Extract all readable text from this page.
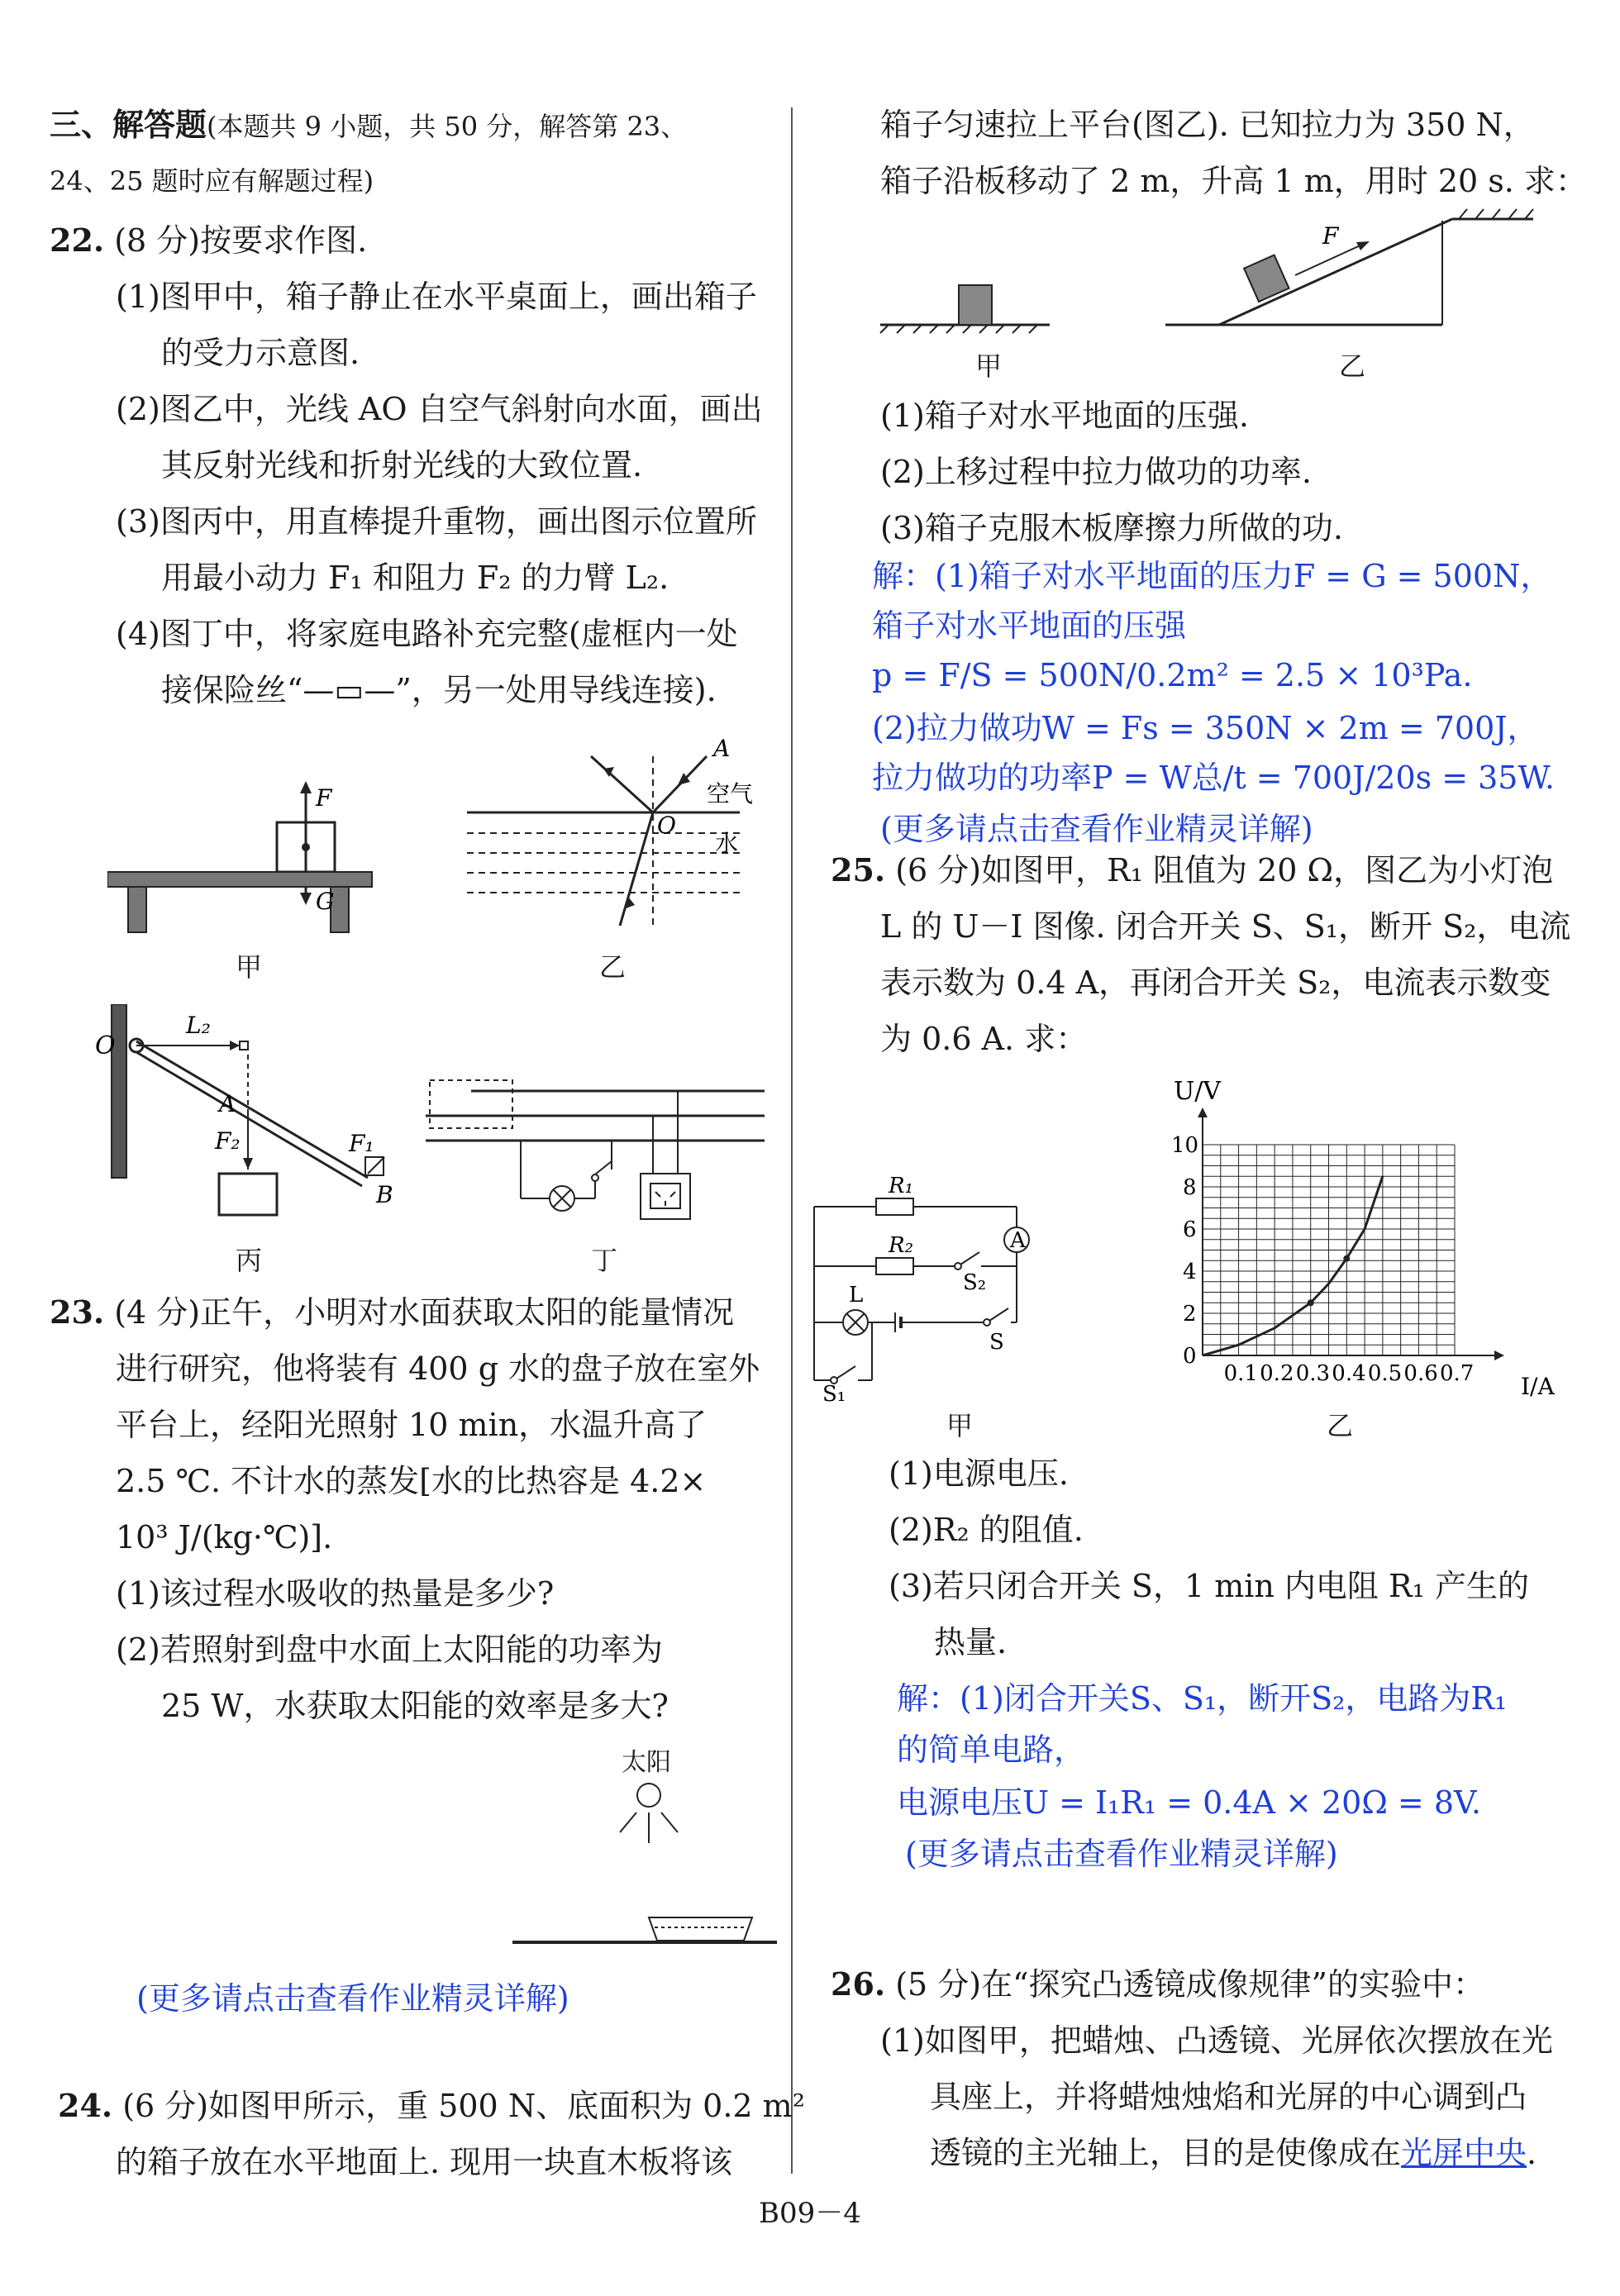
三、解答题(本题共 9 小题，共 50 分，解答第 23、
24、25 题时应有解题过程)
22. (8 分)按要求作图.
(1)图甲中，箱子静止在水平桌面上，画出箱子
的受力示意图.
(2)图乙中，光线 AO 自空气斜射向水面，画出
其反射光线和折射光线的大致位置.
(3)图丙中，用直棒提升重物，画出图示位置所
用最小动力 F₁ 和阻力 F₂ 的力臂 L₂.
(4)图丁中，将家庭电路补充完整(虚框内一处
接保险丝“—▭—”，另一处用导线连接).
F
G
甲
A
O
空气
水
乙
O
L₂
A
F₂	F₁
B
丙	丁
23. (4 分)正午，小明对水面获取太阳的能量情况
进行研究，他将装有 400 g 水的盘子放在室外
平台上，经阳光照射 10 min，水温升高了
2.5 ℃. 不计水的蒸发[水的比热容是 4.2×
10³ J/(kg·℃)].
(1)该过程水吸收的热量是多少?
(2)若照射到盘中水面上太阳能的功率为
25 W，水获取太阳能的效率是多大?
太阳
(更多请点击查看作业精灵详解)
24. (6 分)如图甲所示，重 500 N、底面积为 0.2 m²
的箱子放在水平地面上. 现用一块直木板将该
箱子匀速拉上平台(图乙). 已知拉力为 350 N，
箱子沿板移动了 2 m，升高 1 m，用时 20 s. 求：
F
甲	乙
(1)箱子对水平地面的压强.
(2)上移过程中拉力做功的功率.
(3)箱子克服木板摩擦力所做的功.
解：(1)箱子对水平地面的压力F = G = 500N，
箱子对水平地面的压强
p = F/S = 500N/0.2m² = 2.5 × 10³Pa.
(2)拉力做功W = Fs = 350N × 2m = 700J，
拉力做功的功率P = W总/t = 700J/20s = 35W.
(更多请点击查看作业精灵详解)
25. (6 分)如图甲，R₁ 阻值为 20 Ω，图乙为小灯泡
L 的 U－I 图像. 闭合开关 S、S₁，断开 S₂，电流
表示数为 0.4 A，再闭合开关 S₂，电流表示数变
为 0.6 A. 求：
R₁
R₂	A
L	S₂
S
S₁
甲
0.1 0.2 0.3 0.4 0.5 0.6 0.7
0
2
4
6
8
10
U/V
I/A
乙
(1)电源电压.
(2)R₂ 的阻值.
(3)若只闭合开关 S，1 min 内电阻 R₁ 产生的
热量.
解：(1)闭合开关S、S₁，断开S₂，电路为R₁
的简单电路，
电源电压U = I₁R₁ = 0.4A × 20Ω = 8V.
(更多请点击查看作业精灵详解)
26. (5 分)在“探究凸透镜成像规律”的实验中：
(1)如图甲，把蜡烛、凸透镜、光屏依次摆放在光
具座上，并将蜡烛烛焰和光屏的中心调到凸
透镜的主光轴上，目的是使像成在光屏中央.
B09－4
